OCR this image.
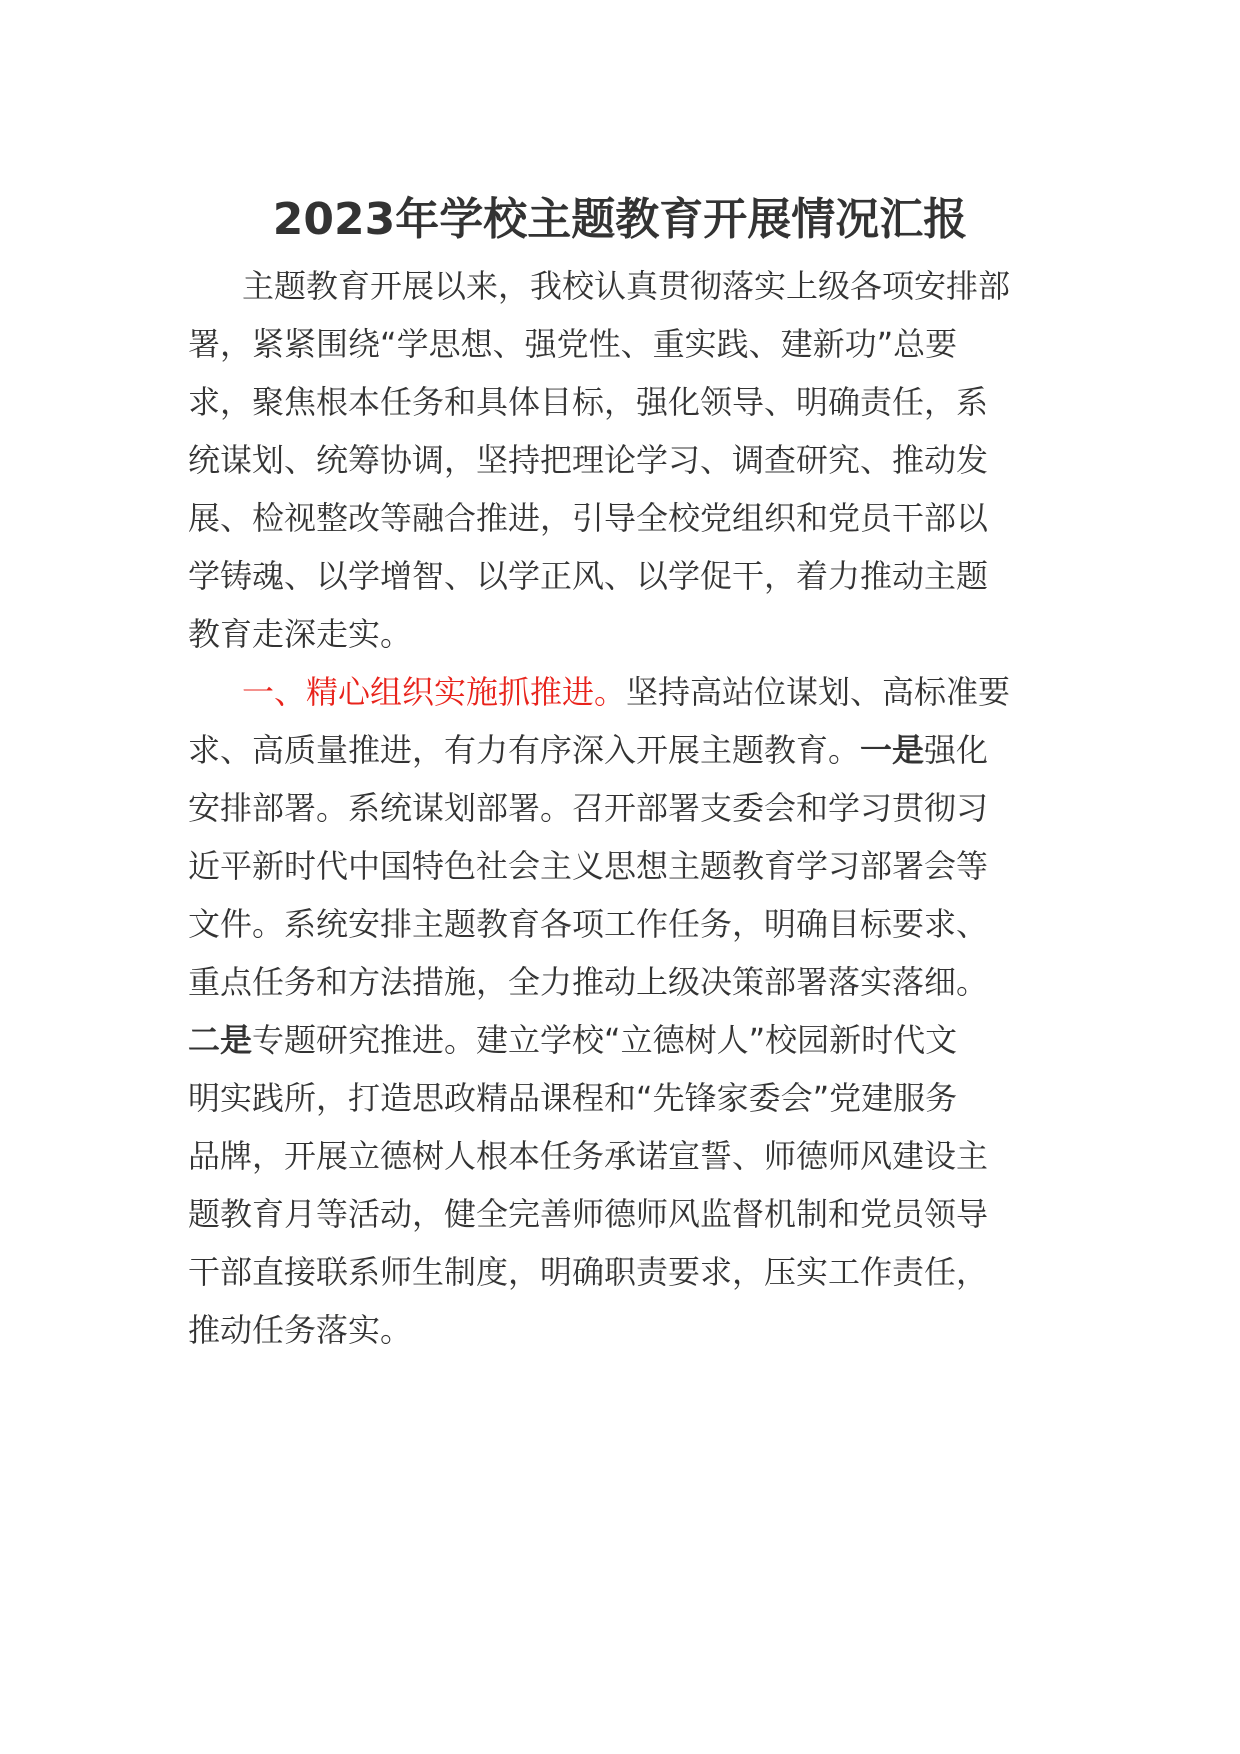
2023年学校主题教育开展情况汇报
主题教育开展以来，我校认真贯彻落实上级各项安排部
署，紧紧围绕“学思想、强党性、重实践、建新功”总要
求，聚焦根本任务和具体目标，强化领导、明确责任，系
统谋划、统筹协调，坚持把理论学习、调查研究、推动发
展、检视整改等融合推进，引导全校党组织和党员干部以
学铸魂、以学增智、以学正风、以学促干，着力推动主题
教育走深走实。
一、精心组织实施抓推进。坚持高站位谋划、高标准要
求、高质量推进，有力有序深入开展主题教育。一是强化
安排部署。系统谋划部署。召开部署支委会和学习贯彻习
近平新时代中国特色社会主义思想主题教育学习部署会等
文件。系统安排主题教育各项工作任务，明确目标要求、
重点任务和方法措施，全力推动上级决策部署落实落细。
二是专题研究推进。建立学校“立德树人”校园新时代文
明实践所，打造思政精品课程和“先锋家委会”党建服务
品牌，开展立德树人根本任务承诺宣誓、师德师风建设主
题教育月等活动，健全完善师德师风监督机制和党员领导
干部直接联系师生制度，明确职责要求，压实工作责任，
推动任务落实。
